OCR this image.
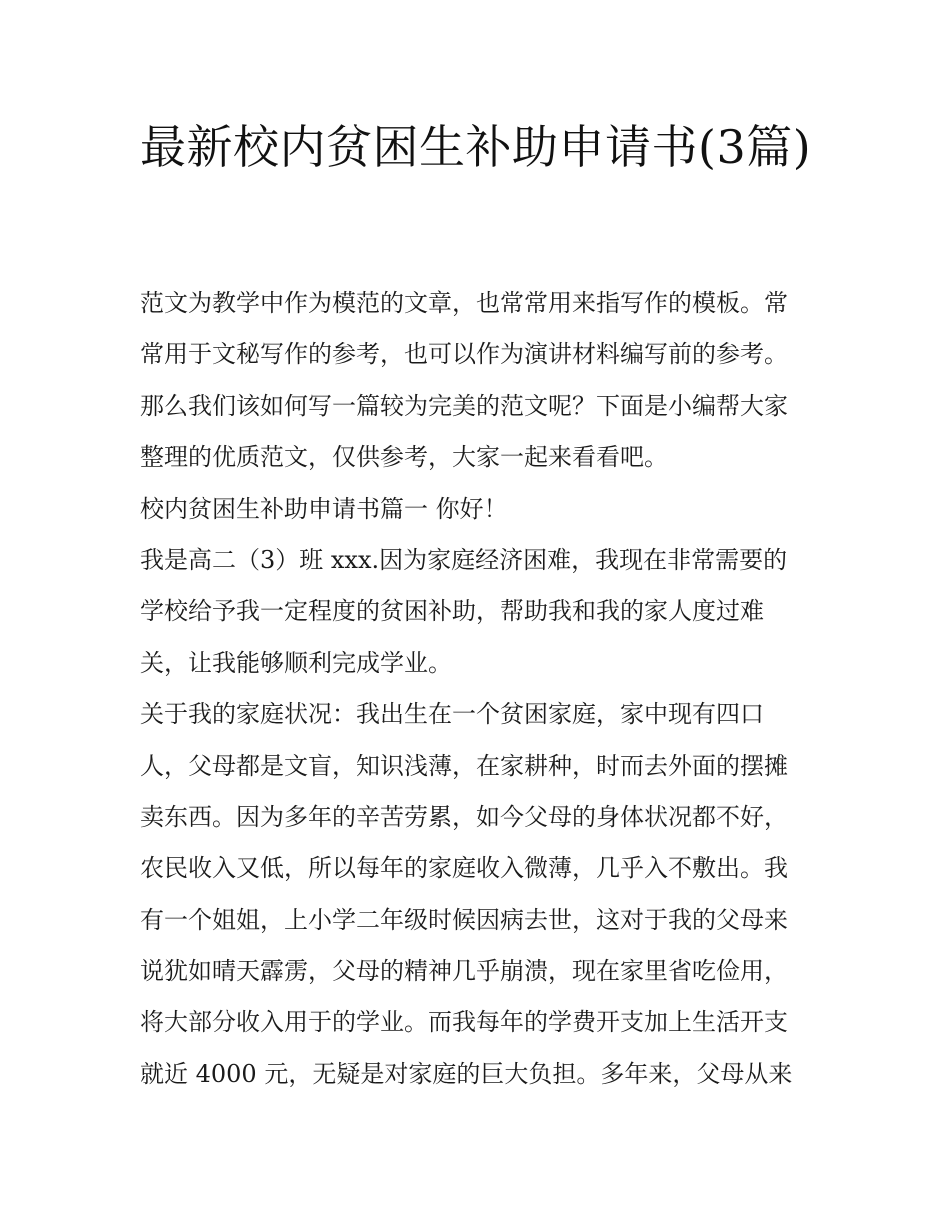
最新校内贫困生补助申请书(3篇)
范文为教学中作为模范的文章，也常常用来指写作的模板。常
常用于文秘写作的参考，也可以作为演讲材料编写前的参考。
那么我们该如何写一篇较为完美的范文呢？下面是小编帮大家
整理的优质范文，仅供参考，大家一起来看看吧。
校内贫困生补助申请书篇一 你好！
我是高二（3）班 xxx.因为家庭经济困难，我现在非常需要的
学校给予我一定程度的贫困补助，帮助我和我的家人度过难
关，让我能够顺利完成学业。
关于我的家庭状况：我出生在一个贫困家庭，家中现有四口
人，父母都是文盲，知识浅薄，在家耕种，时而去外面的摆摊
卖东西。因为多年的辛苦劳累，如今父母的身体状况都不好，
农民收入又低，所以每年的家庭收入微薄，几乎入不敷出。我
有一个姐姐，上小学二年级时候因病去世，这对于我的父母来
说犹如晴天霹雳，父母的精神几乎崩溃，现在家里省吃俭用，
将大部分收入用于的学业。而我每年的学费开支加上生活开支
就近 4000 元，无疑是对家庭的巨大负担。多年来，父母从来
